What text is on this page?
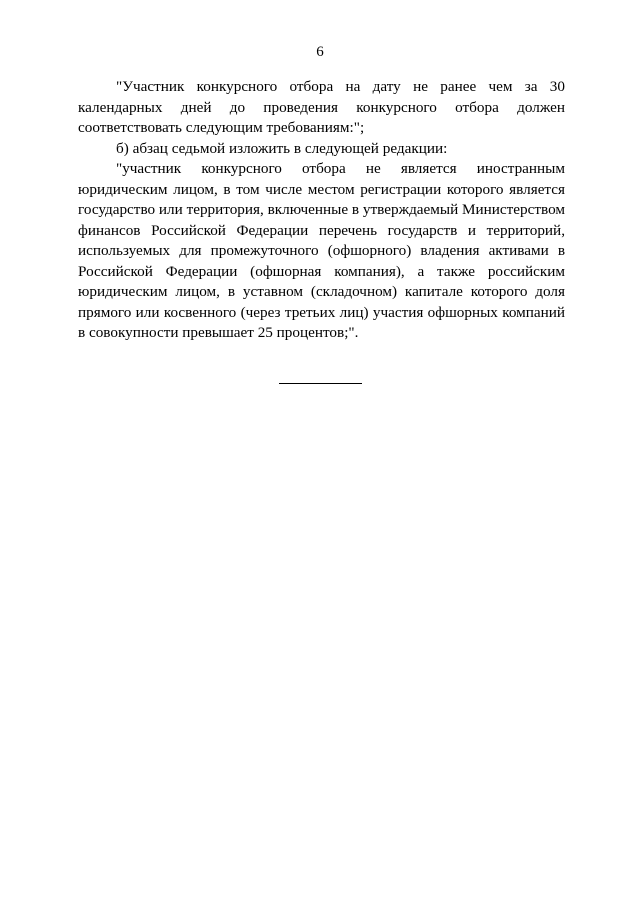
6

"Участник конкурсного отбора на дату не ранее чем за 30 календарных дней до проведения конкурсного отбора должен соответствовать следующим требованиям:";

б) абзац седьмой изложить в следующей редакции:

"участник конкурсного отбора не является иностранным юридическим лицом, в том числе местом регистрации которого является государство или территория, включенные в утверждаемый Министерством финансов Российской Федерации перечень государств и территорий, используемых для промежуточного (офшорного) владения активами в Российской Федерации (офшорная компания), а также российским юридическим лицом, в уставном (складочном) капитале которого доля прямого или косвенного (через третьих лиц) участия офшорных компаний в совокупности превышает 25 процентов;".
